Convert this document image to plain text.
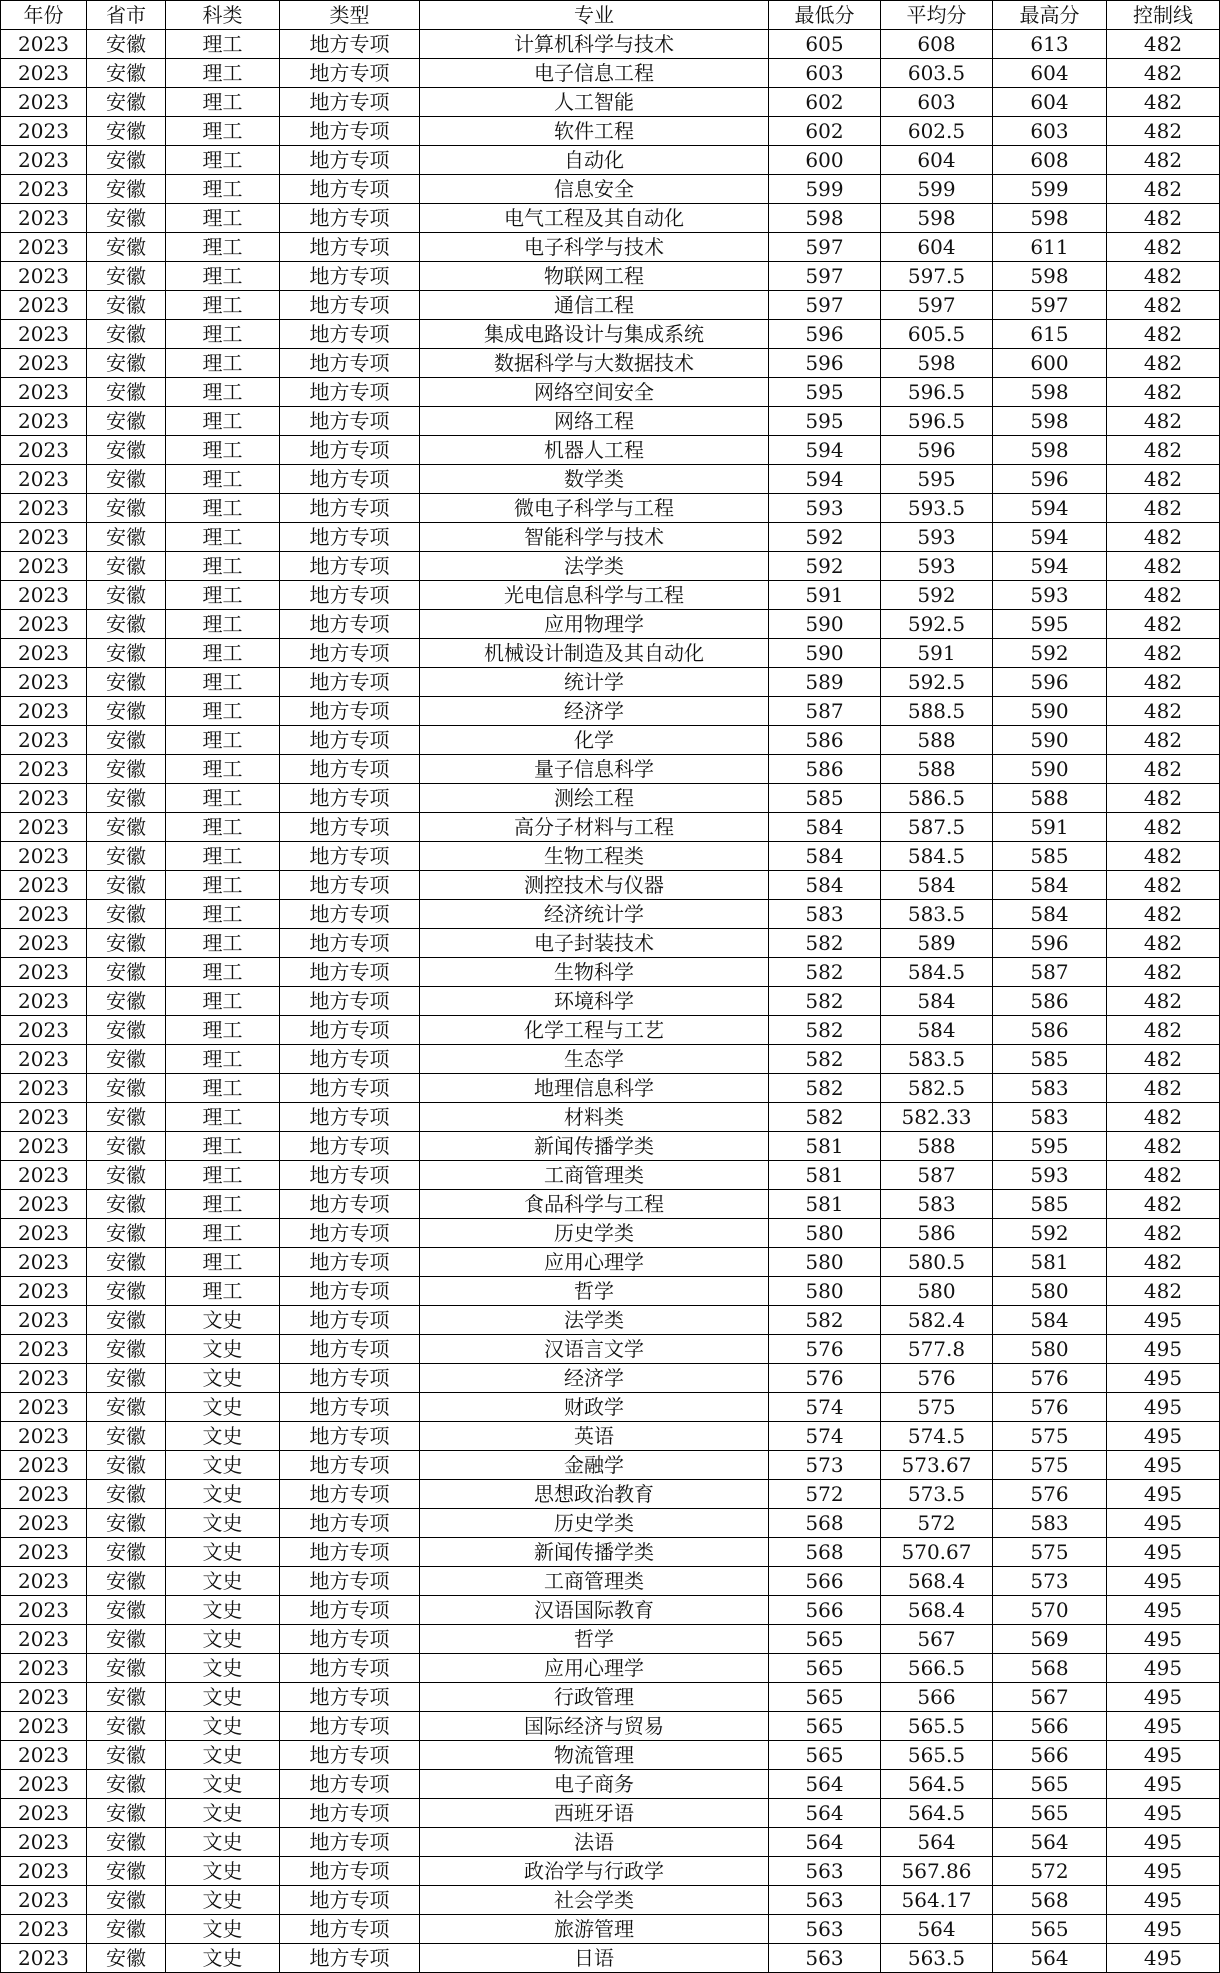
年份	省市	科类	类型	专业	最低分	平均分	最高分	控制线
2023	安徽	理工	地方专项	计算机科学与技术	605	608	613	482
2023	安徽	理工	地方专项	电子信息工程	603	603.5	604	482
2023	安徽	理工	地方专项	人工智能	602	603	604	482
2023	安徽	理工	地方专项	软件工程	602	602.5	603	482
2023	安徽	理工	地方专项	自动化	600	604	608	482
2023	安徽	理工	地方专项	信息安全	599	599	599	482
2023	安徽	理工	地方专项	电气工程及其自动化	598	598	598	482
2023	安徽	理工	地方专项	电子科学与技术	597	604	611	482
2023	安徽	理工	地方专项	物联网工程	597	597.5	598	482
2023	安徽	理工	地方专项	通信工程	597	597	597	482
2023	安徽	理工	地方专项	集成电路设计与集成系统	596	605.5	615	482
2023	安徽	理工	地方专项	数据科学与大数据技术	596	598	600	482
2023	安徽	理工	地方专项	网络空间安全	595	596.5	598	482
2023	安徽	理工	地方专项	网络工程	595	596.5	598	482
2023	安徽	理工	地方专项	机器人工程	594	596	598	482
2023	安徽	理工	地方专项	数学类	594	595	596	482
2023	安徽	理工	地方专项	微电子科学与工程	593	593.5	594	482
2023	安徽	理工	地方专项	智能科学与技术	592	593	594	482
2023	安徽	理工	地方专项	法学类	592	593	594	482
2023	安徽	理工	地方专项	光电信息科学与工程	591	592	593	482
2023	安徽	理工	地方专项	应用物理学	590	592.5	595	482
2023	安徽	理工	地方专项	机械设计制造及其自动化	590	591	592	482
2023	安徽	理工	地方专项	统计学	589	592.5	596	482
2023	安徽	理工	地方专项	经济学	587	588.5	590	482
2023	安徽	理工	地方专项	化学	586	588	590	482
2023	安徽	理工	地方专项	量子信息科学	586	588	590	482
2023	安徽	理工	地方专项	测绘工程	585	586.5	588	482
2023	安徽	理工	地方专项	高分子材料与工程	584	587.5	591	482
2023	安徽	理工	地方专项	生物工程类	584	584.5	585	482
2023	安徽	理工	地方专项	测控技术与仪器	584	584	584	482
2023	安徽	理工	地方专项	经济统计学	583	583.5	584	482
2023	安徽	理工	地方专项	电子封装技术	582	589	596	482
2023	安徽	理工	地方专项	生物科学	582	584.5	587	482
2023	安徽	理工	地方专项	环境科学	582	584	586	482
2023	安徽	理工	地方专项	化学工程与工艺	582	584	586	482
2023	安徽	理工	地方专项	生态学	582	583.5	585	482
2023	安徽	理工	地方专项	地理信息科学	582	582.5	583	482
2023	安徽	理工	地方专项	材料类	582	582.33	583	482
2023	安徽	理工	地方专项	新闻传播学类	581	588	595	482
2023	安徽	理工	地方专项	工商管理类	581	587	593	482
2023	安徽	理工	地方专项	食品科学与工程	581	583	585	482
2023	安徽	理工	地方专项	历史学类	580	586	592	482
2023	安徽	理工	地方专项	应用心理学	580	580.5	581	482
2023	安徽	理工	地方专项	哲学	580	580	580	482
2023	安徽	文史	地方专项	法学类	582	582.4	584	495
2023	安徽	文史	地方专项	汉语言文学	576	577.8	580	495
2023	安徽	文史	地方专项	经济学	576	576	576	495
2023	安徽	文史	地方专项	财政学	574	575	576	495
2023	安徽	文史	地方专项	英语	574	574.5	575	495
2023	安徽	文史	地方专项	金融学	573	573.67	575	495
2023	安徽	文史	地方专项	思想政治教育	572	573.5	576	495
2023	安徽	文史	地方专项	历史学类	568	572	583	495
2023	安徽	文史	地方专项	新闻传播学类	568	570.67	575	495
2023	安徽	文史	地方专项	工商管理类	566	568.4	573	495
2023	安徽	文史	地方专项	汉语国际教育	566	568.4	570	495
2023	安徽	文史	地方专项	哲学	565	567	569	495
2023	安徽	文史	地方专项	应用心理学	565	566.5	568	495
2023	安徽	文史	地方专项	行政管理	565	566	567	495
2023	安徽	文史	地方专项	国际经济与贸易	565	565.5	566	495
2023	安徽	文史	地方专项	物流管理	565	565.5	566	495
2023	安徽	文史	地方专项	电子商务	564	564.5	565	495
2023	安徽	文史	地方专项	西班牙语	564	564.5	565	495
2023	安徽	文史	地方专项	法语	564	564	564	495
2023	安徽	文史	地方专项	政治学与行政学	563	567.86	572	495
2023	安徽	文史	地方专项	社会学类	563	564.17	568	495
2023	安徽	文史	地方专项	旅游管理	563	564	565	495
2023	安徽	文史	地方专项	日语	563	563.5	564	495
